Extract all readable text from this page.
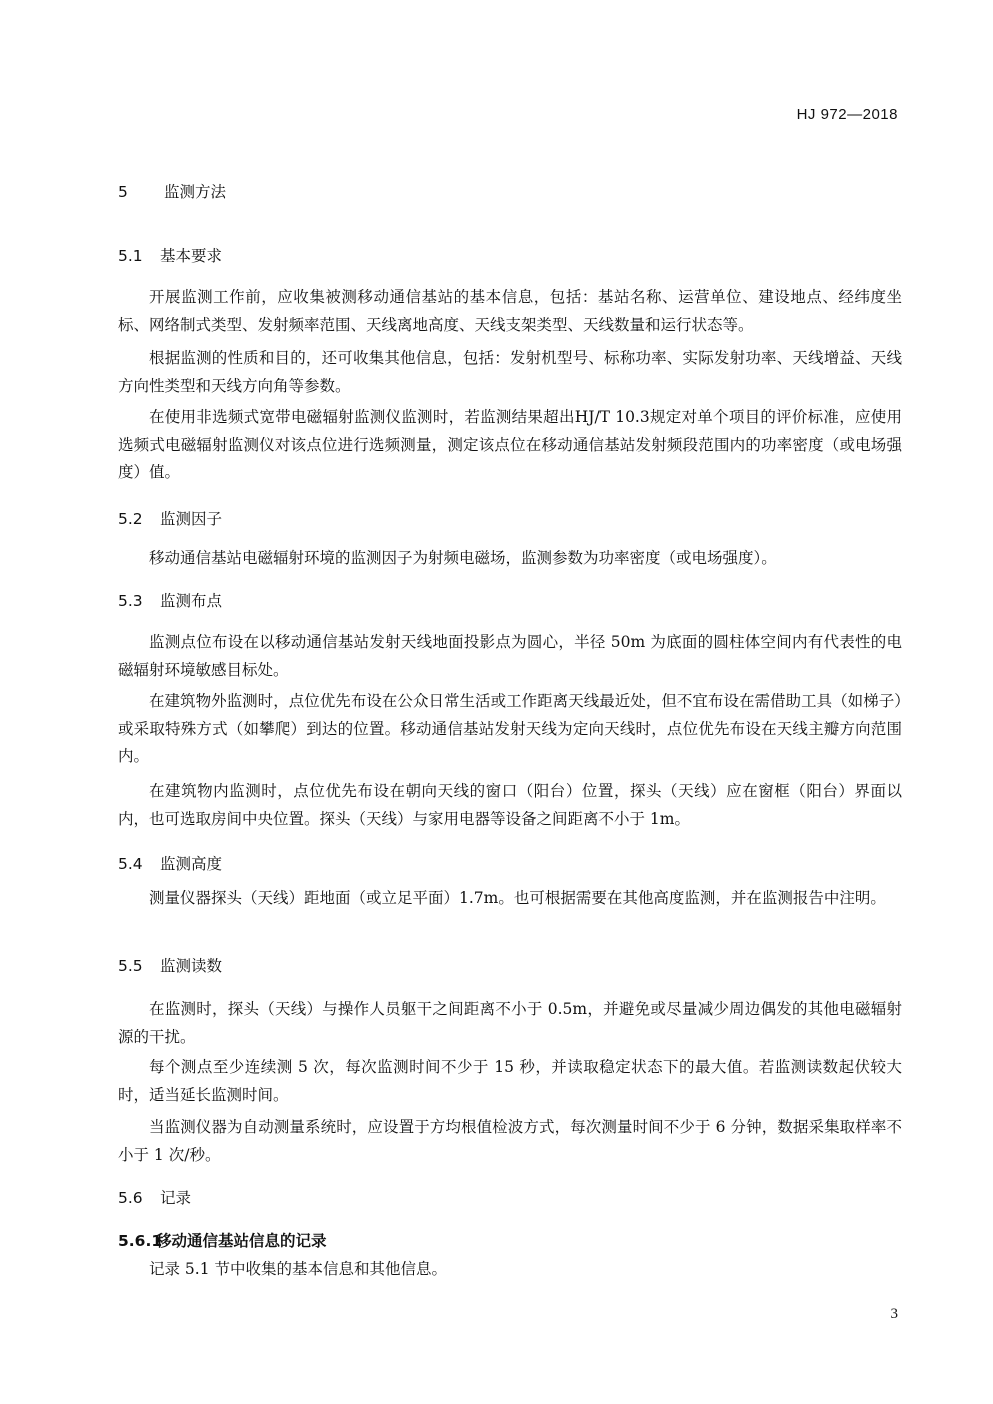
HJ 972—2018
5 监测方法
5.1 基本要求
开展监测工作前，应收集被测移动通信基站的基本信息，包括：基站名称、运营单位、建设地点、经纬度坐标、网络制式类型、发射频率范围、天线离地高度、天线支架类型、天线数量和运行状态等。
根据监测的性质和目的，还可收集其他信息，包括：发射机型号、标称功率、实际发射功率、天线增益、天线方向性类型和天线方向角等参数。
在使用非选频式宽带电磁辐射监测仪监测时，若监测结果超出HJ/T 10.3规定对单个项目的评价标准，应使用选频式电磁辐射监测仪对该点位进行选频测量，测定该点位在移动通信基站发射频段范围内的功率密度（或电场强度）值。
5.2 监测因子
移动通信基站电磁辐射环境的监测因子为射频电磁场，监测参数为功率密度（或电场强度）。
5.3 监测布点
监测点位布设在以移动通信基站发射天线地面投影点为圆心，半径 50m 为底面的圆柱体空间内有代表性的电磁辐射环境敏感目标处。
在建筑物外监测时，点位优先布设在公众日常生活或工作距离天线最近处，但不宜布设在需借助工具（如梯子）或采取特殊方式（如攀爬）到达的位置。移动通信基站发射天线为定向天线时，点位优先布设在天线主瓣方向范围内。
在建筑物内监测时，点位优先布设在朝向天线的窗口（阳台）位置，探头（天线）应在窗框（阳台）界面以内，也可选取房间中央位置。探头（天线）与家用电器等设备之间距离不小于 1m。
5.4 监测高度
测量仪器探头（天线）距地面（或立足平面）1.7m。也可根据需要在其他高度监测，并在监测报告中注明。
5.5 监测读数
在监测时，探头（天线）与操作人员躯干之间距离不小于 0.5m，并避免或尽量减少周边偶发的其他电磁辐射源的干扰。
每个测点至少连续测 5 次，每次监测时间不少于 15 秒，并读取稳定状态下的最大值。若监测读数起伏较大时，适当延长监测时间。
当监测仪器为自动测量系统时，应设置于方均根值检波方式，每次测量时间不少于 6 分钟，数据采集取样率不小于 1 次/秒。
5.6 记录
5.6.1移动通信基站信息的记录
记录 5.1 节中收集的基本信息和其他信息。
3
